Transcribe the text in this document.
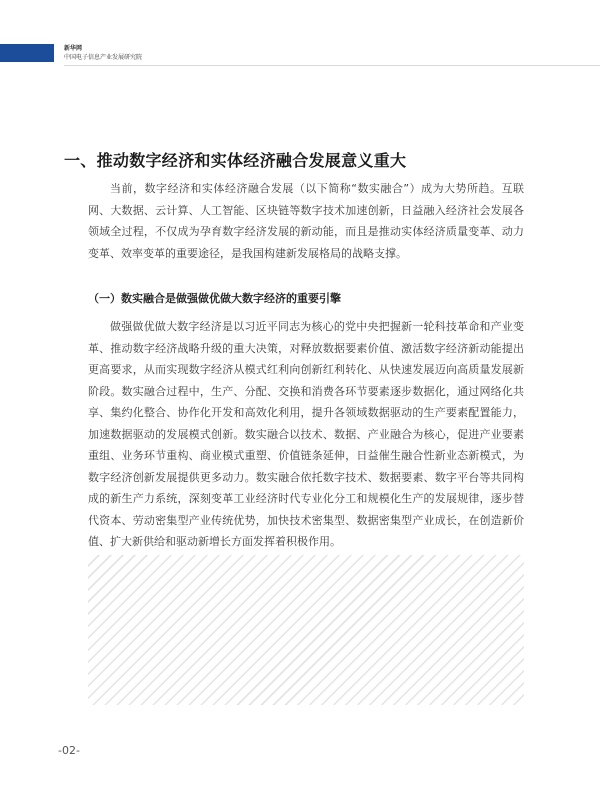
新华网
中国电子信息产业发展研究院
一、推动数字经济和实体经济融合发展意义重大

当前，数字经济和实体经济融合发展（以下简称“数实融合”）成为大势所趋。互联网、大数据、云计算、人工智能、区块链等数字技术加速创新，日益融入经济社会发展各领域全过程，不仅成为孕育数字经济发展的新动能，而且是推动实体经济质量变革、动力变革、效率变革的重要途径，是我国构建新发展格局的战略支撑。

（一）数实融合是做强做优做大数字经济的重要引擎

做强做优做大数字经济是以习近平同志为核心的党中央把握新一轮科技革命和产业变革、推动数字经济战略升级的重大决策，对释放数据要素价值、激活数字经济新动能提出更高要求，从而实现数字经济从模式红利向创新红利转化、从快速发展迈向高质量发展新阶段。数实融合过程中，生产、分配、交换和消费各环节要素逐步数据化，通过网络化共享、集约化整合、协作化开发和高效化利用，提升各领域数据驱动的生产要素配置能力，加速数据驱动的发展模式创新。数实融合以技术、数据、产业融合为核心，促进产业要素重组、业务环节重构、商业模式重塑、价值链条延伸，日益催生融合性新业态新模式，为数字经济创新发展提供更多动力。数实融合依托数字技术、数据要素、数字平台等共同构成的新生产力系统，深刻变革工业经济时代专业化分工和规模化生产的发展规律，逐步替代资本、劳动密集型产业传统优势，加快技术密集型、数据密集型产业成长，在创造新价值、扩大新供给和驱动新增长方面发挥着积极作用。

-02-
